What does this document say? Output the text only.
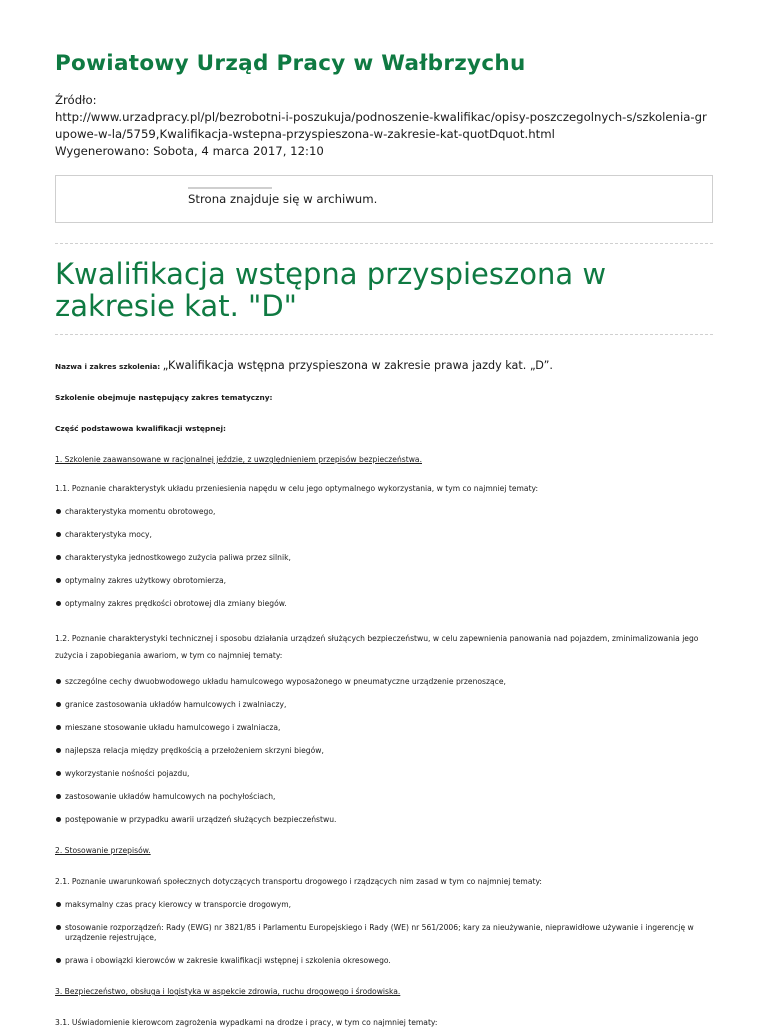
Powiatowy Urząd Pracy w Wałbrzychu
Źródło:
http://www.urzadpracy.pl/pl/bezrobotni-i-poszukuja/podnoszenie-kwalifikac/opisy-poszczegolnych-s/szkolenia-grupowe-w-la/5759,Kwalifikacja-wstepna-przyspieszona-w-zakresie-kat-quotDquot.html
Wygenerowano: Sobota, 4 marca 2017, 12:10
Strona znajduje się w archiwum.
Kwalifikacja wstępna przyspieszona w zakresie kat. "D"
Nazwa i zakres szkolenia: „Kwalifikacja wstępna przyspieszona w zakresie prawa jazdy kat. „D”.
Szkolenie obejmuje następujący zakres tematyczny:
Część podstawowa kwalifikacji wstępnej:
1. Szkolenie zaawansowane w racjonalnej jeździe, z uwzględnieniem przepisów bezpieczeństwa.
1.1. Poznanie charakterystyk układu przeniesienia napędu w celu jego optymalnego wykorzystania, w tym co najmniej tematy:
charakterystyka momentu obrotowego,
charakterystyka mocy,
charakterystyka jednostkowego zużycia paliwa przez silnik,
optymalny zakres użytkowy obrotomierza,
optymalny zakres prędkości obrotowej dla zmiany biegów.
1.2. Poznanie charakterystyki technicznej i sposobu działania urządzeń służących bezpieczeństwu, w celu zapewnienia panowania nad pojazdem, zminimalizowania jego zużycia i zapobiegania awariom, w tym co najmniej tematy:
szczególne cechy dwuobwodowego układu hamulcowego wyposażonego w pneumatyczne urządzenie przenoszące,
granice zastosowania układów hamulcowych i zwalniaczy,
mieszane stosowanie układu hamulcowego i zwalniacza,
najlepsza relacja między prędkością a przełożeniem skrzyni biegów,
wykorzystanie nośności pojazdu,
zastosowanie układów hamulcowych na pochyłościach,
postępowanie w przypadku awarii urządzeń służących bezpieczeństwu.
2. Stosowanie przepisów.
2.1. Poznanie uwarunkowań społecznych dotyczących transportu drogowego i rządzących nim zasad w tym co najmniej tematy:
maksymalny czas pracy kierowcy w transporcie drogowym,
stosowanie rozporządzeń: Rady (EWG) nr 3821/85 i Parlamentu Europejskiego i Rady (WE) nr 561/2006; kary za nieużywanie, nieprawidłowe używanie i ingerencję w urządzenie rejestrujące,
prawa i obowiązki kierowców w zakresie kwalifikacji wstępnej i szkolenia okresowego.
3. Bezpieczeństwo, obsługa i logistyka w aspekcie zdrowia, ruchu drogowego i środowiska.
3.1. Uświadomienie kierowcom zagrożenia wypadkami na drodze i pracy, w tym co najmniej tematy:
